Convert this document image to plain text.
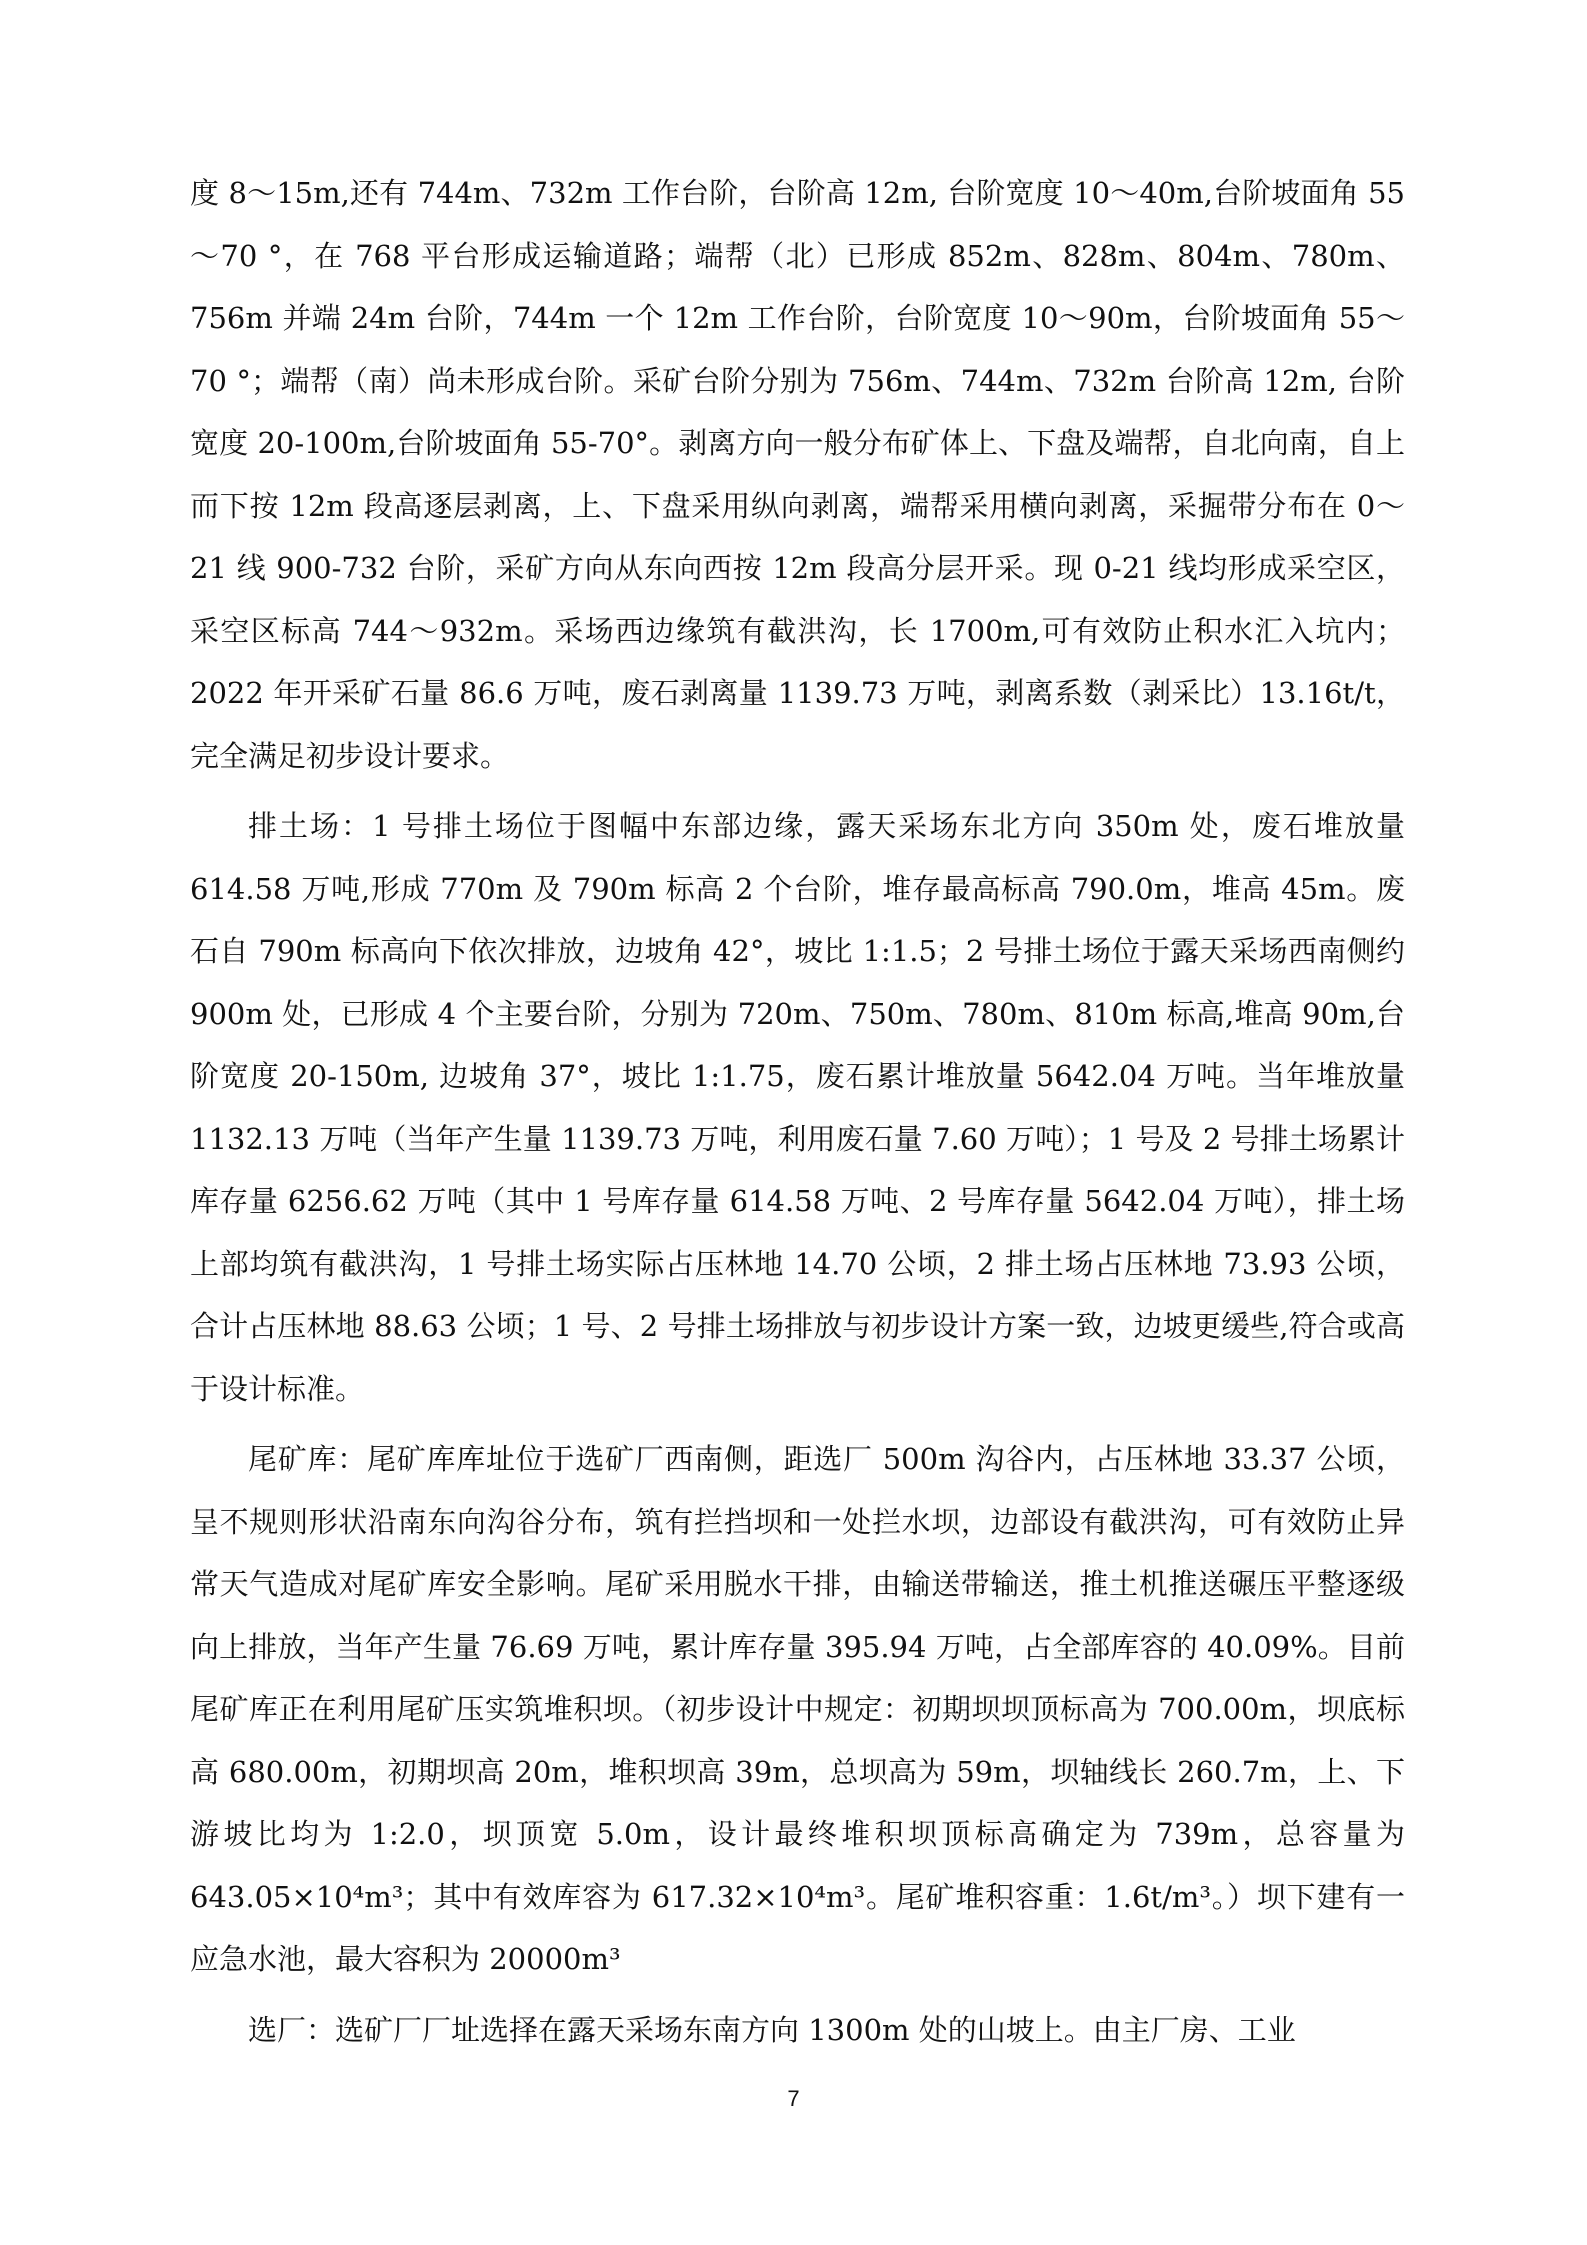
度 8～15m,还有 744m、732m 工作台阶，台阶高 12m, 台阶宽度 10～40m,台阶坡面角 55～70 °，在 768 平台形成运输道路；端帮（北）已形成 852m、828m、804m、780m、756m 并端 24m 台阶，744m 一个 12m 工作台阶，台阶宽度 10～90m，台阶坡面角 55～70 °；端帮（南）尚未形成台阶。采矿台阶分别为 756m、744m、732m 台阶高 12m, 台阶宽度 20-100m,台阶坡面角 55-70°。剥离方向一般分布矿体上、下盘及端帮，自北向南，自上而下按 12m 段高逐层剥离，上、下盘采用纵向剥离，端帮采用横向剥离，采掘带分布在 0～21 线 900-732 台阶，采矿方向从东向西按 12m 段高分层开采。现 0-21 线均形成采空区，采空区标高 744～932m。采场西边缘筑有截洪沟，长 1700m,可有效防止积水汇入坑内；2022 年开采矿石量 86.6 万吨，废石剥离量 1139.73 万吨，剥离系数（剥采比）13.16t/t，完全满足初步设计要求。

排土场：1 号排土场位于图幅中东部边缘，露天采场东北方向 350m 处，废石堆放量 614.58 万吨,形成 770m 及 790m 标高 2 个台阶，堆存最高标高 790.0m，堆高 45m。废石自 790m 标高向下依次排放，边坡角 42°，坡比 1:1.5；2 号排土场位于露天采场西南侧约 900m 处，已形成 4 个主要台阶，分别为 720m、750m、780m、810m 标高,堆高 90m,台阶宽度 20-150m, 边坡角 37°，坡比 1:1.75，废石累计堆放量 5642.04 万吨。当年堆放量 1132.13 万吨（当年产生量 1139.73 万吨，利用废石量 7.60 万吨）；1 号及 2 号排土场累计库存量 6256.62 万吨（其中 1 号库存量 614.58 万吨、2 号库存量 5642.04 万吨），排土场上部均筑有截洪沟，1 号排土场实际占压林地 14.70 公顷，2 排土场占压林地 73.93 公顷，合计占压林地 88.63 公顷；1 号、2 号排土场排放与初步设计方案一致，边坡更缓些,符合或高于设计标准。

尾矿库：尾矿库库址位于选矿厂西南侧，距选厂 500m 沟谷内，占压林地 33.37 公顷，呈不规则形状沿南东向沟谷分布，筑有拦挡坝和一处拦水坝，边部设有截洪沟，可有效防止异常天气造成对尾矿库安全影响。尾矿采用脱水干排，由输送带输送，推土机推送碾压平整逐级向上排放，当年产生量 76.69 万吨，累计库存量 395.94 万吨，占全部库容的 40.09%。目前尾矿库正在利用尾矿压实筑堆积坝。（初步设计中规定：初期坝坝顶标高为 700.00m，坝底标高 680.00m，初期坝高 20m，堆积坝高 39m，总坝高为 59m，坝轴线长 260.7m，上、下游坡比均为 1:2.0，坝顶宽 5.0m，设计最终堆积坝顶标高确定为 739m，总容量为 643.05×10⁴m³；其中有效库容为 617.32×10⁴m³。尾矿堆积容重：1.6t/m³。）坝下建有一应急水池，最大容积为 20000m³

选厂：选矿厂厂址选择在露天采场东南方向 1300m 处的山坡上。由主厂房、工业

7
